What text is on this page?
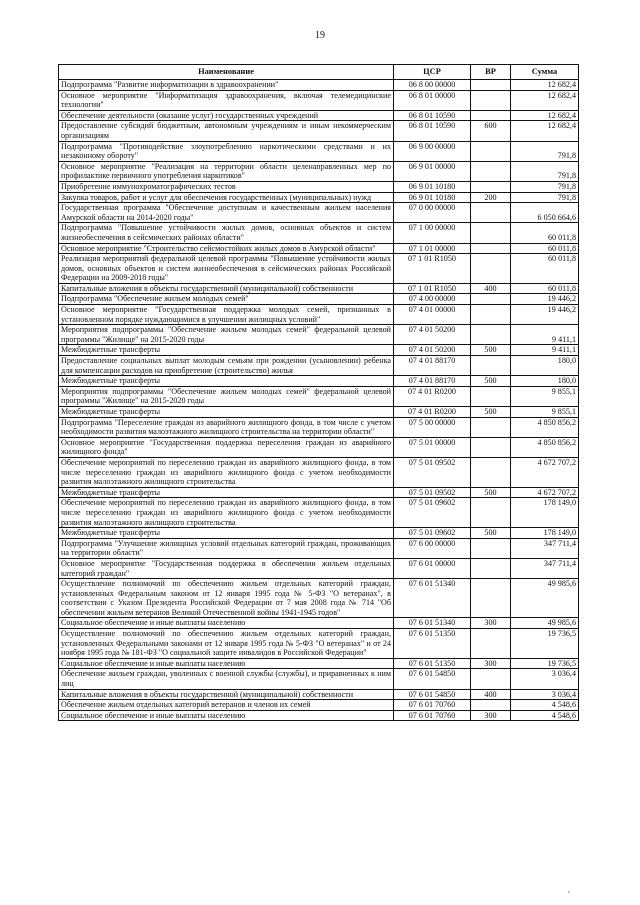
19
Наименование	ЦСР	ВР	Сумма
Подпрограмма "Развитие информатизации в здравоохранении"	06 8 00 00000		12 682,4
Основное мероприятие "Информатизация здравоохранения, включая телемедицинские технологии"	06 8 01 00000		12 682,4
Обеспечение деятельности (оказание услуг) государственных учреждений	06 8 01 10590		12 682,4
Предоставление субсидий бюджетным, автономным учреждениям и иным некоммерческим организациям	06 8 01 10590	600	12 682,4
Подпрограмма "Противодействие злоупотреблению наркотическими средствами и их незаконному обороту"	06 9 00 00000		791,8
Основное мероприятие "Реализация на территории области целенаправленных мер по профилактике первичного употребления наркотиков"	06 9 01 00000		791,8
Приобретение иммунохроматографических тестов	06 9 01 10180		791,8
Закупка товаров, работ и услуг для обеспечения государственных (муниципальных) нужд	06 9 01 10180	200	791,8
Государственная программа "Обеспечение доступным и качественным жильем населения Амурской области на 2014-2020 годы"	07 0 00 00000		6 050 664,6
Подпрограмма "Повышение устойчивости жилых домов, основных объектов и систем жизнеобеспечения в сейсмических районах области"	07 1 00 00000		60 011,8
Основное мероприятие "Строительство сейсмостойких жилых домов в Амурской области"	07 1 01 00000		60 011,8
Реализация мероприятий федеральной целевой программы "Повышение устойчивости жилых домов, основных объектов и систем жизнеобеспечения в сейсмических районах Российской Федерации на 2009-2018 годы"	07 1 01 R1050		60 011,8
Капитальные вложения в объекты государственной (муниципальной) собственности	07 1 01 R1050	400	60 011,8
Подпрограмма "Обеспечение жильем молодых семей"	07 4 00 00000		19 446,2
Основное мероприятие "Государственная поддержка молодых семей, признанных в установленном порядке нуждающимися в улучшении жилищных условий"	07 4 01 00000		19 446,2
Мероприятия подпрограммы "Обеспечение жильем молодых семей" федеральной целевой программы "Жилище" на 2015-2020 годы	07 4 01 50200		9 411,1
Межбюджетные трансферты	07 4 01 50200	500	9 411,1
Предоставление социальных выплат молодым семьям при рождении (усыновлении) ребенка для компенсации расходов на приобретение (строительство) жилья	07 4 01 88170		180,0
Межбюджетные трансферты	07 4 01 88170	500	180,0
Мероприятия подпрограммы "Обеспечение жильем молодых семей" федеральной целевой программы "Жилище" на 2015-2020 годы	07 4 01 R0200		9 855,1
Межбюджетные трансферты	07 4 01 R0200	500	9 855,1
Подпрограмма "Переселение граждан из аварийного жилищного фонда, в том числе с учетом необходимости развития малоэтажного жилищного строительства на территории области"	07 5 00 00000		4 850 856,2
Основное мероприятие "Государственная поддержка переселения граждан из аварийного жилищного фонда"	07 5 01 00000		4 850 856,2
Обеспечение мероприятий по переселению граждан из аварийного жилищного фонда, в том числе переселению граждан из аварийного жилищного фонда с учетом необходимости развития малоэтажного жилищного строительства	07 5 01 09502		4 672 707,2
Межбюджетные трансферты	07 5 01 09502	500	4 672 707,2
Обеспечение мероприятий по переселению граждан из аварийного жилищного фонда, в том числе переселению граждан из аварийного жилищного фонда с учетом необходимости развития малоэтажного жилищного строительства	07 5 01 09602		178 149,0
Межбюджетные трансферты	07 5 01 09602	500	178 149,0
Подпрограмма "Улучшение жилищных условий отдельных категорий граждан, проживающих на территории области"	07 6 00 00000		347 711,4
Основное мероприятие "Государственная поддержка в обеспечении жильем отдельных категорий граждан"	07 6 01 00000		347 711,4
Осуществление полномочий по обеспечению жильем отдельных категорий граждан, установленных Федеральным законом от 12 января 1995 года № 5-ФЗ "О ветеранах", в соответствии с Указом Президента Российской Федерации от 7 мая 2008 года № 714 "Об обеспечении жильем ветеранов Великой Отечественной войны 1941-1945 годов"	07 6 01 51340		49 985,6
Социальное обеспечение и иные выплаты населению	07 6 01 51340	300	49 985,6
Осуществление полномочий по обеспечению жильем отдельных категорий граждан, установленных Федеральными законами от 12 января 1995 года № 5-ФЗ "О ветеранах" и от 24 ноября 1995 года № 181-ФЗ "О социальной защите инвалидов в Российской Федерации"	07 6 01 51350		19 736,5
Социальное обеспечение и иные выплаты населению	07 6 01 51350	300	19 736,5
Обеспечение жильем граждан, уволенных с военной службы (службы), и приравненных к ним лиц	07 6 01 54850		3 036,4
Капитальные вложения в объекты государственной (муниципальной) собственности	07 6 01 54850	400	3 036,4
Обеспечение жильем отдельных категорий ветеранов и членов их семей	07 6 01 70760		4 548,6
Социальное обеспечение и иные выплаты населению	07 6 01 70760	300	4 548,6
,
